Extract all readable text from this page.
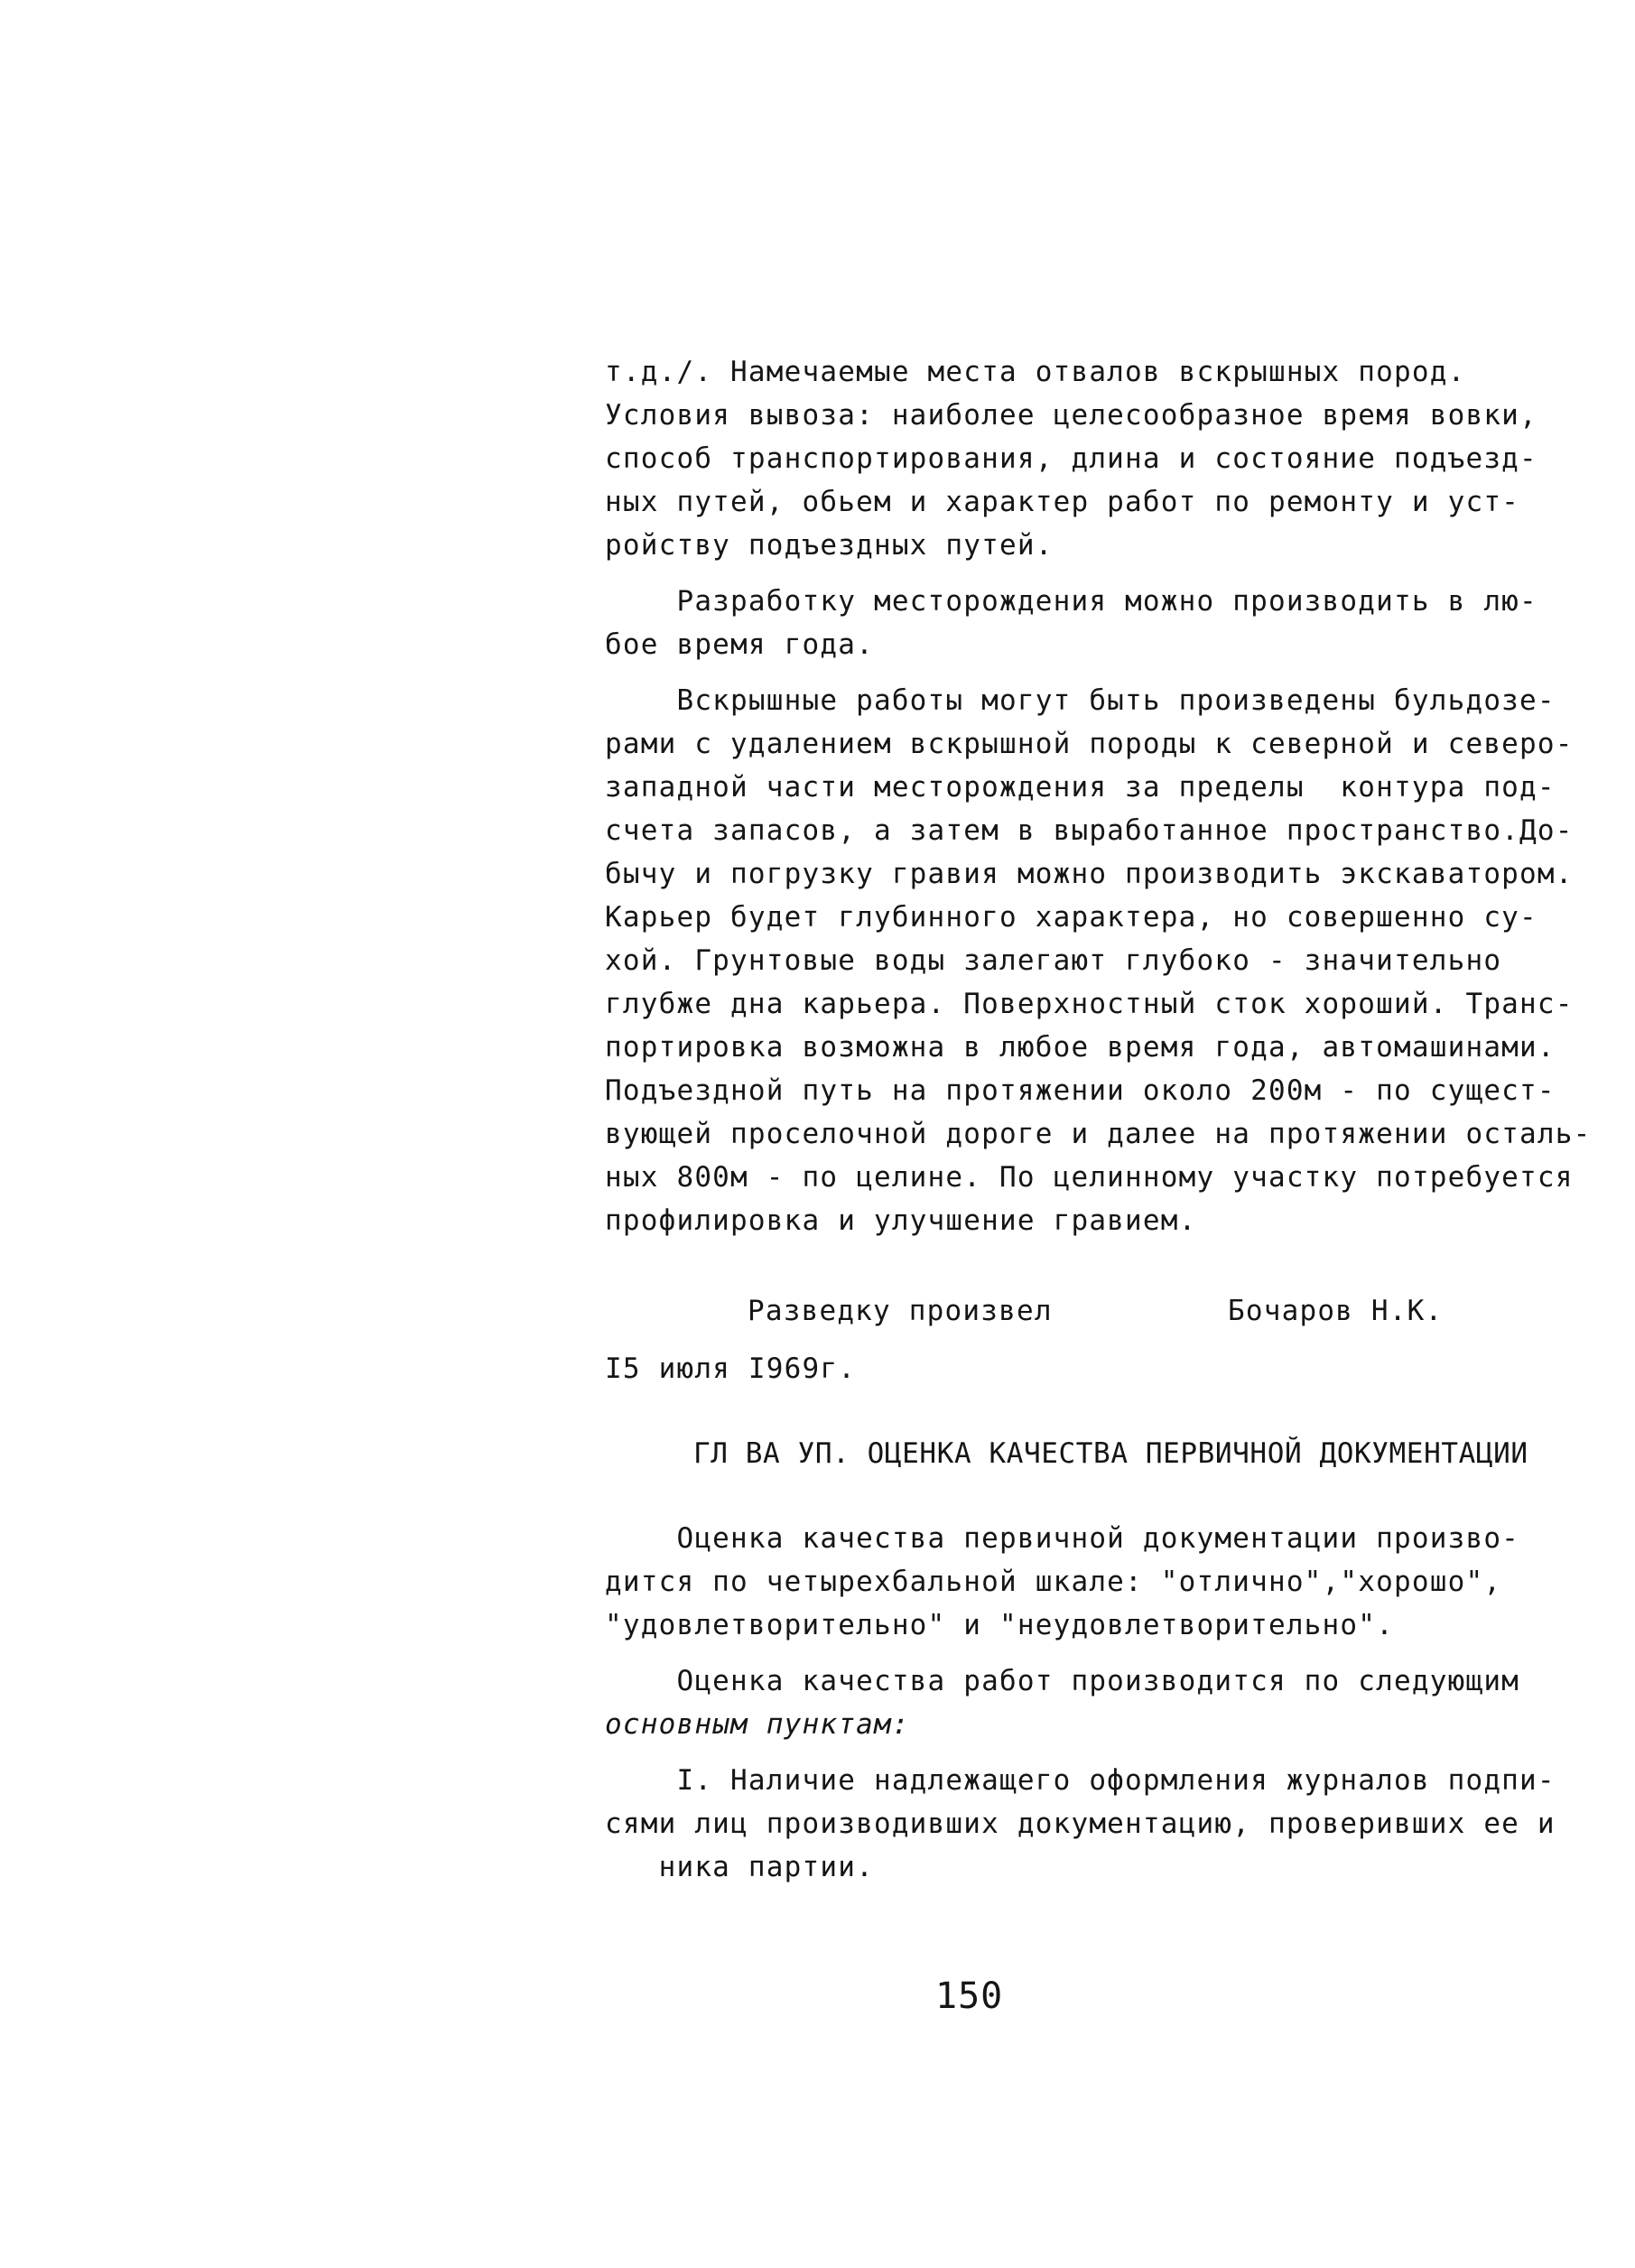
т.д./. Намечаемые места отвалов вскрышных пород.
Условия вывоза: наиболее целесообразное время вовки,
способ транспортирования, длина и состояние подъезд-
ных путей, обьем и характер работ по ремонту и уст-
ройству подъездных путей.
Разработку месторождения можно производить в лю-
бое время года.
Вскрышные работы могут быть произведены бульдозе-
рами с удалением вскрышной породы к северной и северо-
западной части месторождения за пределы  контура под-
счета запасов, а затем в выработанное пространство.До-
бычу и погрузку гравия можно производить экскаватором.
Карьер будет глубинного характера, но совершенно су-
хой. Грунтовые воды залегают глубоко - значительно
глубже дна карьера. Поверхностный сток хороший. Транс-
портировка возможна в любое время года, автомашинами.
Подъездной путь на протяжении около 200м - по сущест-
вующей проселочной дороге и далее на протяжении осталь-
ных 800м - по целине. По целинному участку потребуется
профилировка и улучшение гравием.
Разведку произвел	Бочаров Н.К.
I5 июля I969г.
ГЛ ВА УП. ОЦЕНКА КАЧЕСТВА ПЕРВИЧНОЙ ДОКУМЕНТАЦИИ
Оценка качества первичной документации произво-
дится по четырехбальной шкале: "отлично","хорошо",
"удовлетворительно" и "неудовлетворительно".
Оценка качества работ производится по следующим
основным пунктам:
I. Наличие надлежащего оформления журналов подпи-
сями лиц производивших документацию, проверивших ее и
ника партии.
150
